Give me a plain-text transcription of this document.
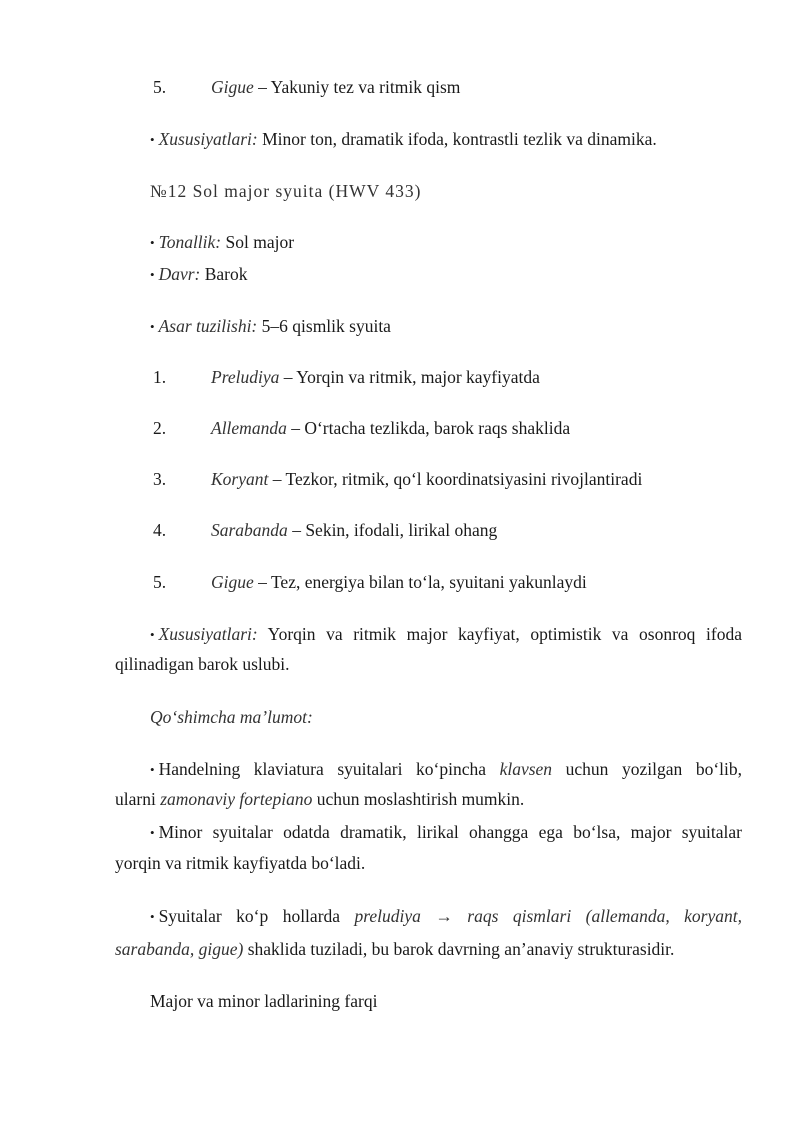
5.	Gigue – Yakuniy tez va ritmik qism
• Xususiyatlari: Minor ton, dramatik ifoda, kontrastli tezlik va dinamika.
№12 Sol major syuita (HWV 433)
• Tonallik: Sol major
• Davr: Barok
• Asar tuzilishi: 5–6 qismlik syuita
1.	Preludiya – Yorqin va ritmik, major kayfiyatda
2.	Allemanda – O‘rtacha tezlikda, barok raqs shaklida
3.	Koryant – Tezkor, ritmik, qo‘l koordinatsiyasini rivojlantiradi
4.	Sarabanda – Sekin, ifodali, lirikal ohang
5.	Gigue – Tez, energiya bilan to‘la, syuitani yakunlaydi
• Xususiyatlari: Yorqin va ritmik major kayfiyat, optimistik va osonroq ifoda
qilinadigan barok uslubi.
Qo‘shimcha ma’lumot:
• Handelning klaviatura syuitalari ko‘pincha klavsen uchun yozilgan bo‘lib,
ularni zamonaviy fortepiano uchun moslashtirish mumkin.
• Minor syuitalar odatda dramatik, lirikal ohangga ega bo‘lsa, major syuitalar
yorqin va ritmik kayfiyatda bo‘ladi.
• Syuitalar ko‘p hollarda preludiya → raqs qismlari (allemanda, koryant,
sarabanda, gigue) shaklida tuziladi, bu barok davrning an’anaviy strukturasidir.
Major va minor ladlarining farqi
